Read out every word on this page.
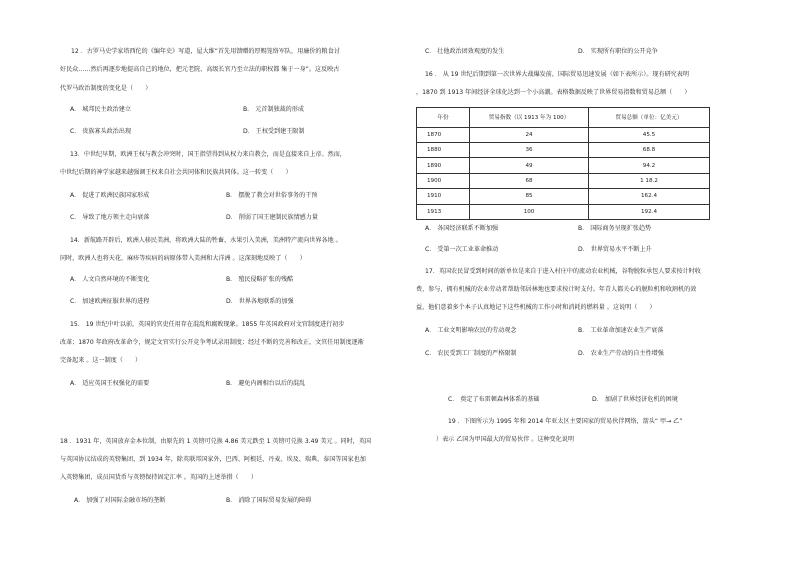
12 ．古罗马史学家塔西佗的《编年史》写道，屋大维“首先用馈赠的厚赐笼络军队，用廉价的粮食讨
好民众……然后再逐步地提高自己的地位，把元老院、高级长官乃至立法的职权都 集于一身”。这反映古
代罗马政治制度的变化是（　　）
A． 城邦民主政治建立	B． 元首制独裁的形成
C． 贵族寡头政治出现	D． 王权受到建王限制
13．中世纪早期，欧洲王权与教会冲突时，国王指望得到从权力来自教会，而是直接来自上帝。然而，
中世纪后期的神学家越来越强调王权来自社会共同体和民族共同体。这一转变（　　）
A． 促进了欧洲民族国家形成	B． 摆脱了教会对世俗事务的干预
C． 导致了地方领主走向衰落	D． 削弱了国王建制民族情感力量
14．新航路开辟后，欧洲人移民美洲，将欧洲大陆的牲畜、水果引入美洲，美洲特产流向世界各地 。
同时，欧洲人也将天花、麻疹等疾病的病原体带入美洲和大洋洲 。这深刻地反映了（　　）
A． 人文自然环境的不断变化	B． 殖民侵略扩张的残酷
C． 加速欧洲征服世界的进程	D． 世界各地联系的加强
15． 19 世纪中叶以前，英国的官吏任用存在混乱和腐败现象。1855 年英国政府对文官制度进行初步
改革；1870 年政府改革命令，规定文官实行公开竞争考试录用制度；经过不断的完善和改正，文官任用制度逐渐
完备起来 。这一制度（　　）
A． 适应英国王权强化的需要	B． 避免内阁相台以后的混乱
18 ．1931 年，英国放弃金本位制，由原先的 1 英镑可兑换 4.86 美元跌至 1 英镑可兑换 3.49 美元 。同时，英国
与英国协议结成的英镑集团，到 1934 年，除英联邦国家外，巴西、阿根廷、丹麦、埃及、瑞典、泰国等国家也加
入英镑集团，成员国货币与英镑保持固定汇率 。英国的上述举措（　　）
A． 加强了对国际金融市场的垄断	B． 消除了国际贸易发展的障碍
C． 壮他政治团效观度的发生	D． 实现所有职位的公开竞争
16 ． 从 19 世纪后期到第一次世界大战爆发前，国际贸易迅速发展（如下表所示）。现有研究表明
，1870 到 1913 年间经济全球化达到一个小高潮。表格数据反映了世界贸易指数和贸易总额（　　）
年份	贸易指数（以 1913 年为 100）	贸易总额（单位：亿美元）
1870	24	45.5
1880	36	68.8
1890	49	94.2
1900	68	1 18.2
1910	85	162.4
1913	100	192.4
A． 各国经济联系不断加强	B． 国际商务呈现扩张趋势
C． 受第一次工业革命推动	D． 世界贸易水平不断上升
17．英国农民冒受到时间的新单位是来自于进入村庄中的流动农业机械，谷物脱粒承包人要求按计时收
费，参与，拥有机械的农业劳动者帮助邻居林地也要求按计时支付。年青人都关心的脱粒机和收割机的效
益，他们意着多个本子认真地记下这些机械的工作小时和消耗的燃料量 。这说明（　　）
A． 工业文明影响农民的劳动观念	B． 工业革命加速农业生产衰落
C． 农民受到工厂制度的严格限制	D． 农业生产劳动的自主性增强
C． 奠定了布雷顿森林体系的基础	D． 加剧了世界经济危机的困境
19 ．下图所示为 1995 年和 2014 年亚太区主要国家的贸易伙伴网络，箭头“ 甲→ 乙”
）表示 乙国为甲国最大的贸易伙伴 。这种变化说明
